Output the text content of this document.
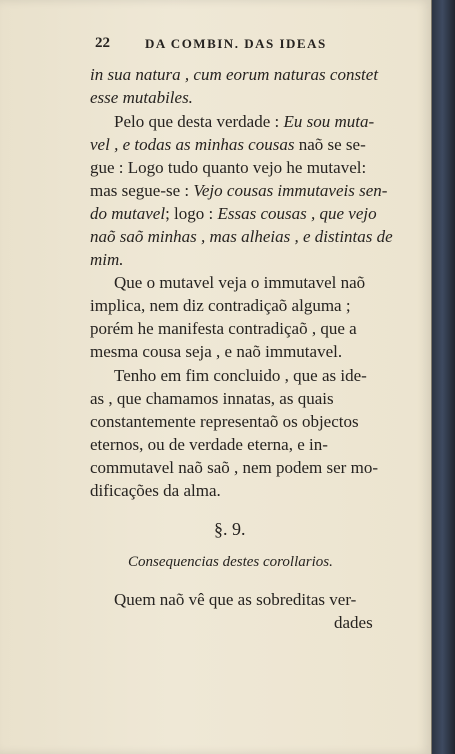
22	DA COMBIN. DAS IDEAS
in sua natura , cum eorum naturas constet
esse mutabiles.
Pelo que desta verdade : Eu sou muta-
vel , e todas as minhas cousas naõ se se-
gue : Logo tudo quanto vejo he mutavel:
mas segue-se : Vejo cousas immutaveis sen-
do mutavel; logo : Essas cousas , que vejo
naõ saõ minhas , mas alheias , e distintas de
mim.
Que o mutavel veja o immutavel naõ
implica, nem diz contradiçaõ alguma ;
porém he manifesta contradiçaõ , que a
mesma cousa seja , e naõ immutavel.
Tenho em fim concluido , que as ide-
as , que chamamos innatas, as quais
constantemente representaõ os objectos
eternos, ou de verdade eterna, e in-
commutavel naõ saõ , nem podem ser mo-
dificações da alma.
§. 9.
Consequencias destes corollarios.
Quem naõ vê que as sobreditas ver-
dades
